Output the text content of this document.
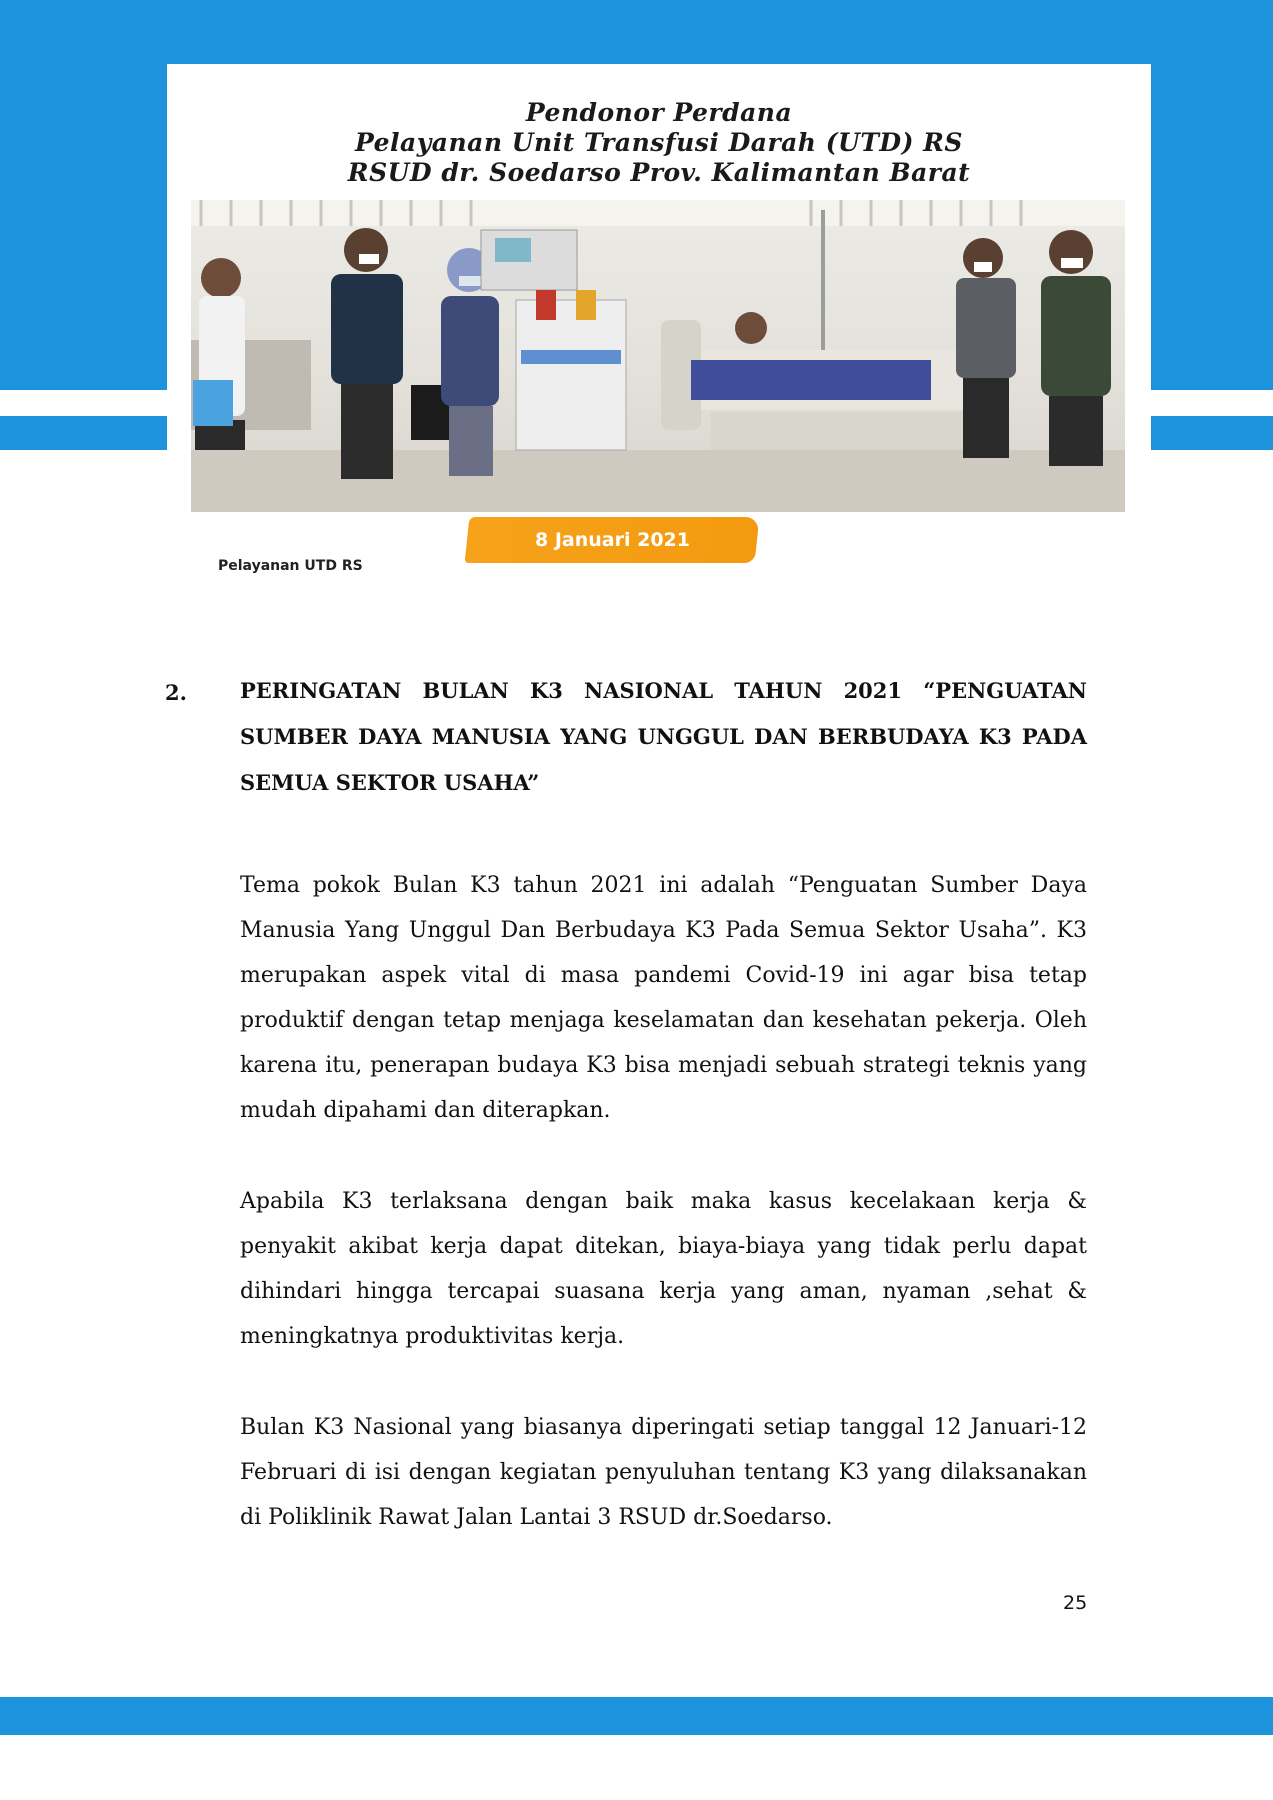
Pendonor Perdana
Pelayanan Unit Transfusi Darah (UTD) RS
RSUD dr. Soedarso Prov. Kalimantan Barat
8 Januari 2021
Pelayanan UTD RS
2.	PERINGATAN BULAN K3 NASIONAL TAHUN 2021 “PENGUATAN SUMBER DAYA MANUSIA YANG UNGGUL DAN BERBUDAYA K3 PADA SEMUA SEKTOR USAHA”
Tema pokok Bulan K3 tahun 2021 ini adalah “Penguatan Sumber Daya Manusia Yang Unggul Dan Berbudaya K3 Pada Semua Sektor Usaha”. K3 merupakan aspek vital di masa pandemi Covid-19 ini agar bisa tetap produktif dengan tetap menjaga keselamatan dan kesehatan pekerja. Oleh karena itu, penerapan budaya K3 bisa menjadi sebuah strategi teknis yang mudah dipahami dan diterapkan.
Apabila K3 terlaksana dengan baik maka kasus kecelakaan kerja & penyakit akibat kerja dapat ditekan, biaya-biaya yang tidak perlu dapat dihindari hingga tercapai suasana kerja yang aman, nyaman ,sehat & meningkatnya produktivitas kerja.
Bulan K3 Nasional yang biasanya diperingati setiap tanggal 12 Januari-12 Februari di isi dengan kegiatan penyuluhan tentang K3 yang dilaksanakan di Poliklinik Rawat Jalan Lantai 3 RSUD dr.Soedarso.
25
